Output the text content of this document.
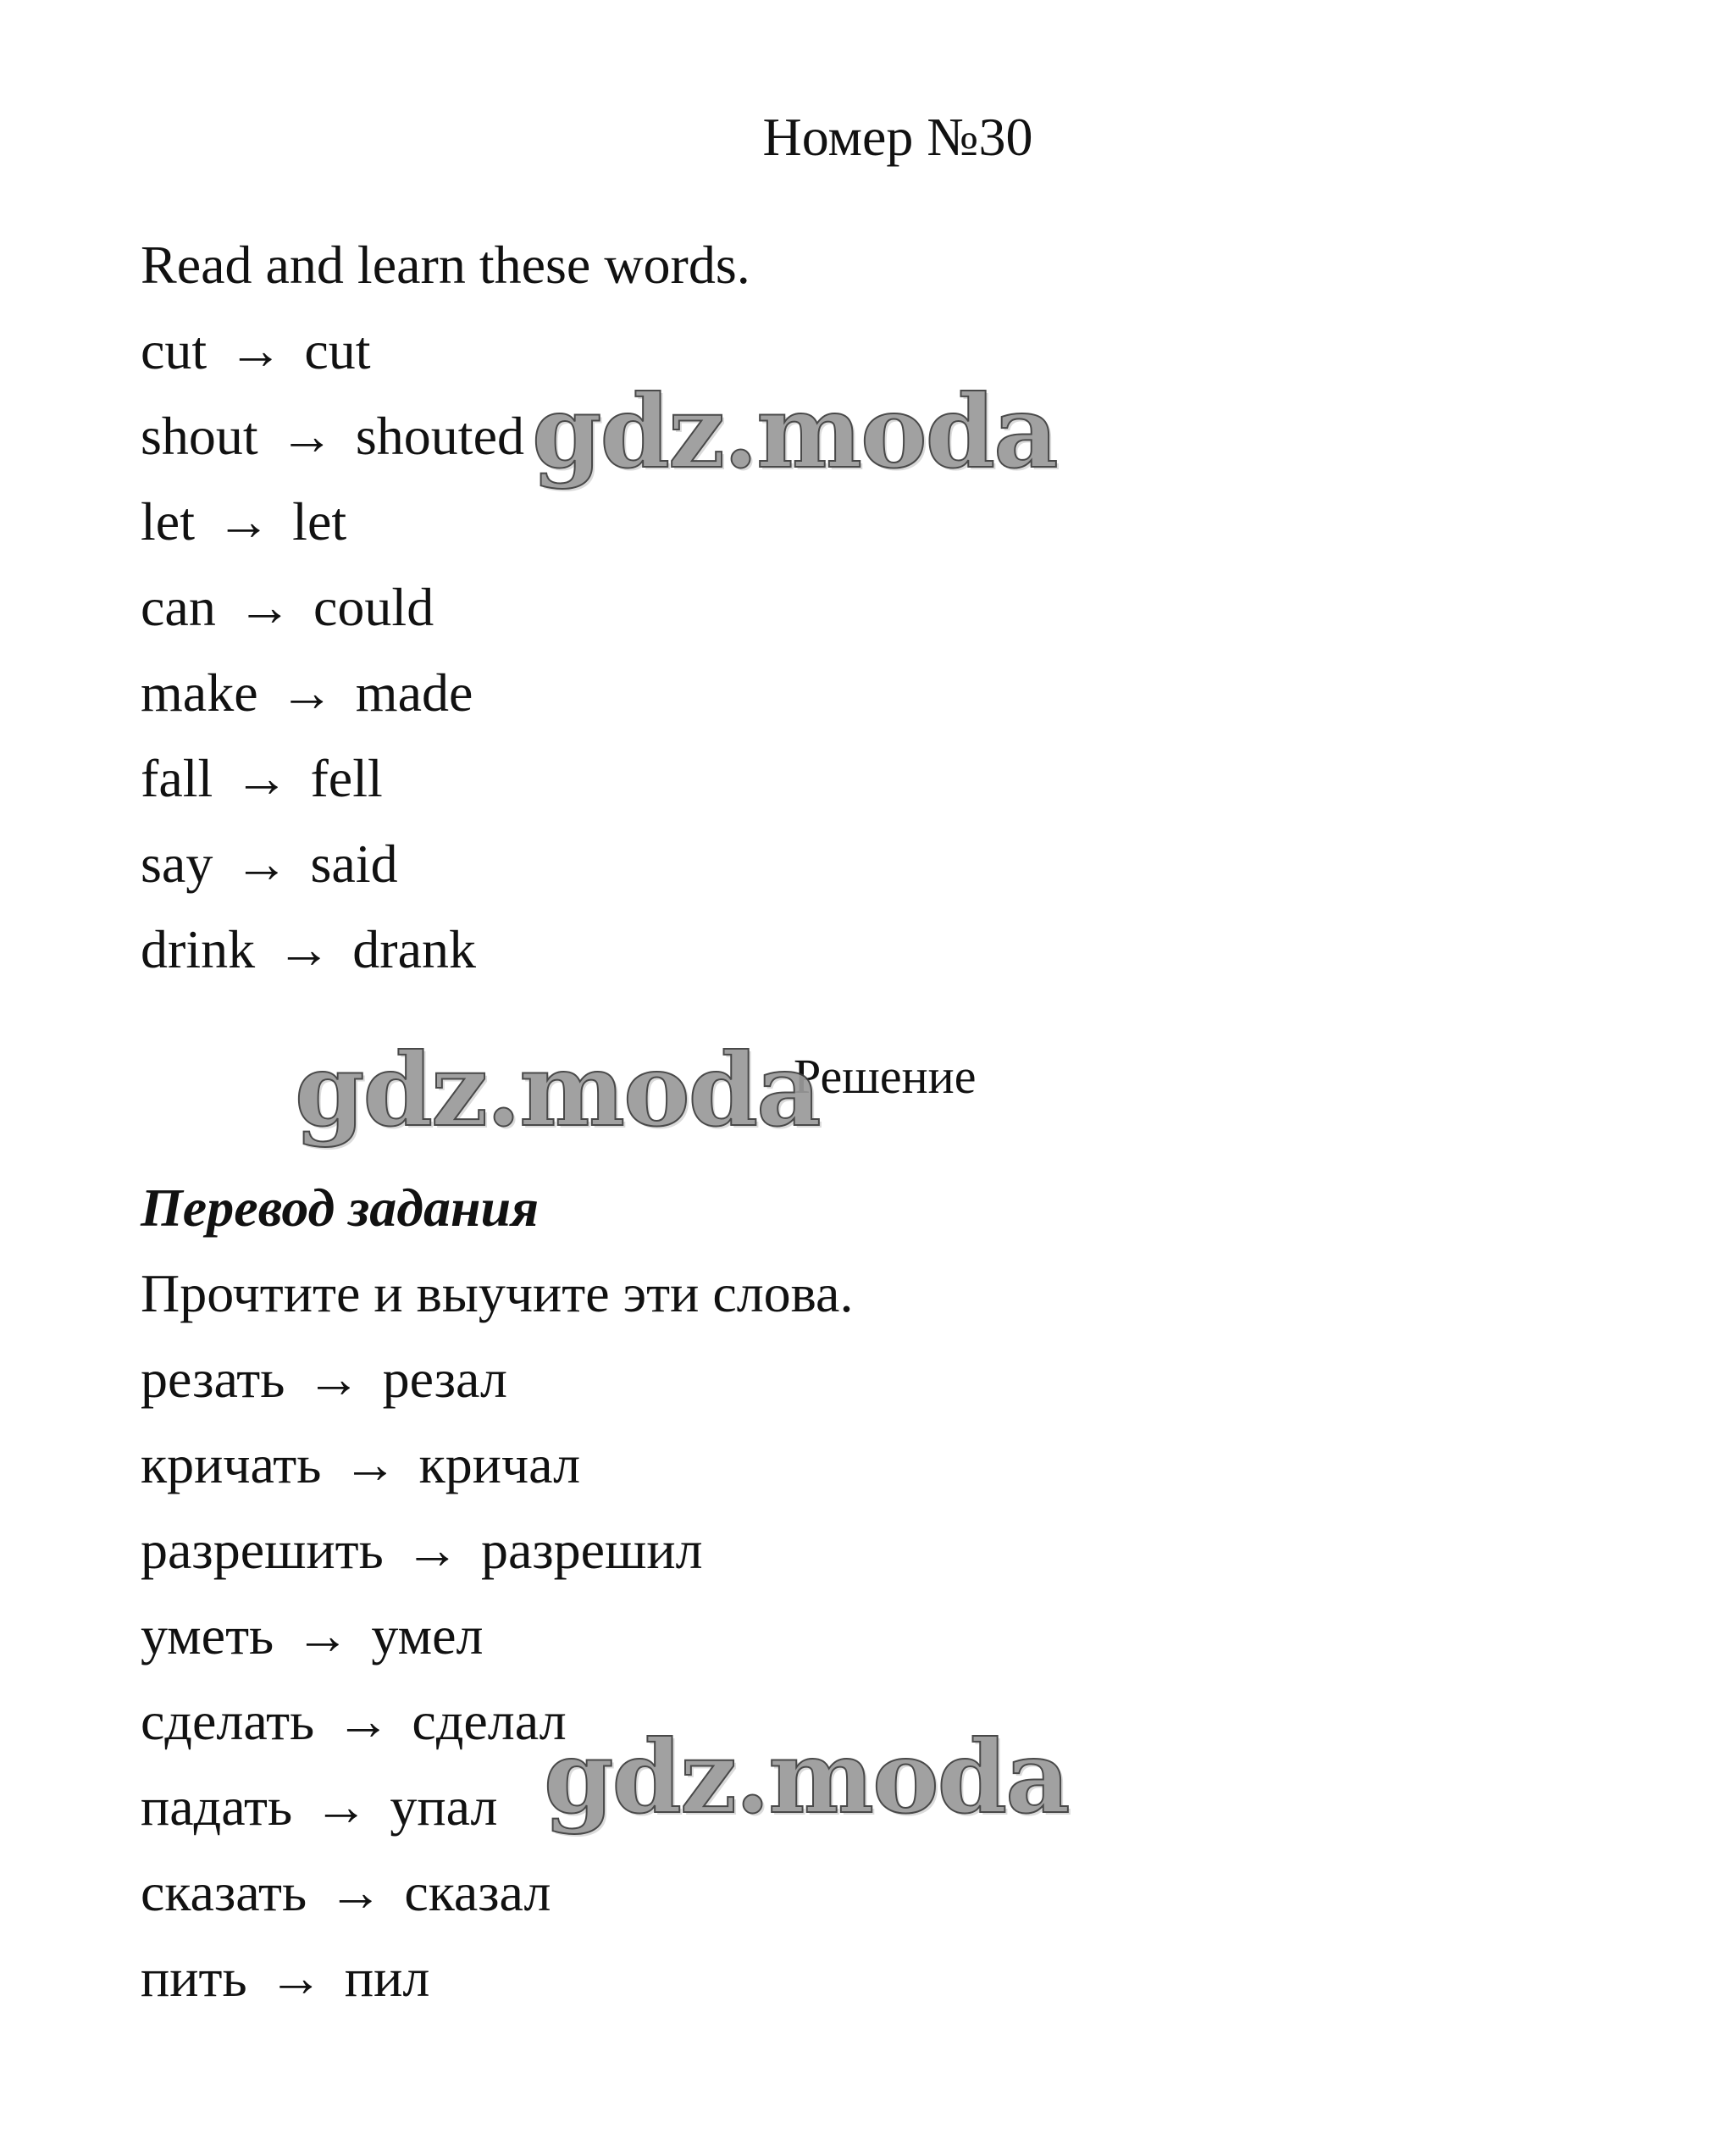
Номер №30
Read and learn these words.
cut → cut
shout → shouted
let → let
can → could
make → made
fall → fell
say → said
drink → drank
Решение
Перевод задания
Прочтите и выучите эти слова.
резать → резал
кричать → кричал
разрешить → разрешил
уметь → умел
сделать → сделал
падать → упал
сказать → сказал
пить → пил
gdz.moda
gdz.moda
gdz.moda
